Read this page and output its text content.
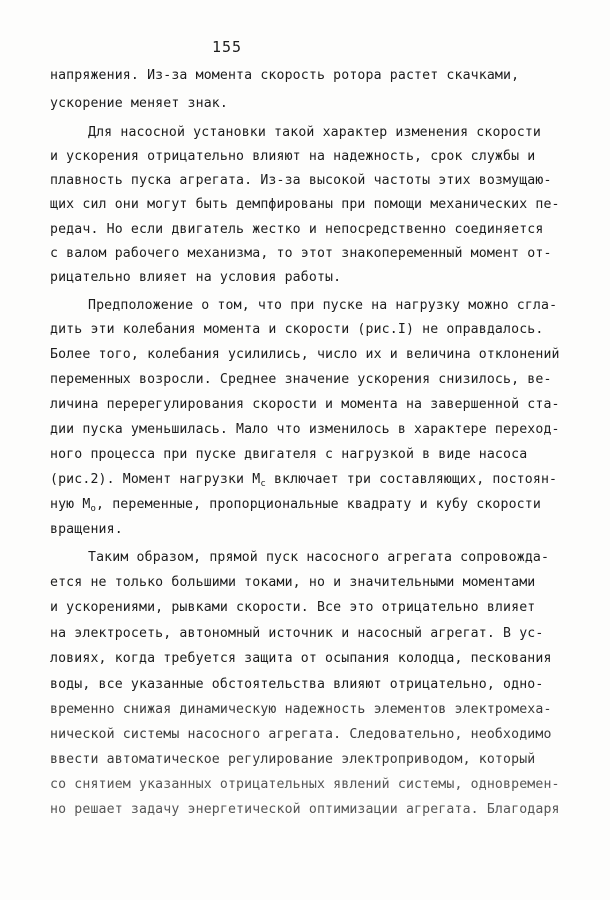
155
напряжения. Из-за момента скорость ротора растет скачками,
ускорение меняет знак.
Для насосной установки такой характер изменения скорости
и ускорения отрицательно влияют на надежность, срок службы и
плавность пуска агрегата. Из-за высокой частоты этих возмущаю-
щих сил они могут быть демпфированы при помощи механических пе-
редач. Но если двигатель жестко и непосредственно соединяется
с валом рабочего механизма, то этот знакопеременный момент от-
рицательно влияет на условия работы.
Предположение о том, что при пуске на нагрузку можно сгла-
дить эти колебания момента и скорости (рис.I) не оправдалось.
Более того, колебания усилились, число их и величина отклонений
переменных возросли. Среднее значение ускорения снизилось, ве-
личина перерегулирования скорости и момента на завершенной ста-
дии пуска уменьшилась. Мало что изменилось в характере переход-
ного процесса при пуске двигателя с нагрузкой в виде насоса
(рис.2). Момент нагрузки $M_c$ включает три составляющих, постоян-
ную $M_o$, переменные, пропорциональные квадрату и кубу скорости
вращения.
Таким образом, прямой пуск насосного агрегата сопровожда-
ется не только большими токами, но и значительными моментами
и ускорениями, рывками скорости. Все это отрицательно влияет
на электросеть, автономный источник и насосный агрегат. В ус-
ловиях, когда требуется защита от осыпания колодца, пескования
воды, все указанные обстоятельства влияют отрицательно, одно-
временно снижая динамическую надежность элементов электромеха-
нической системы насосного агрегата. Следовательно, необходимо
ввести автоматическое регулирование электроприводом, который
со снятием указанных отрицательных явлений системы, одновремен-
но решает задачу энергетической оптимизации агрегата. Благодаря
